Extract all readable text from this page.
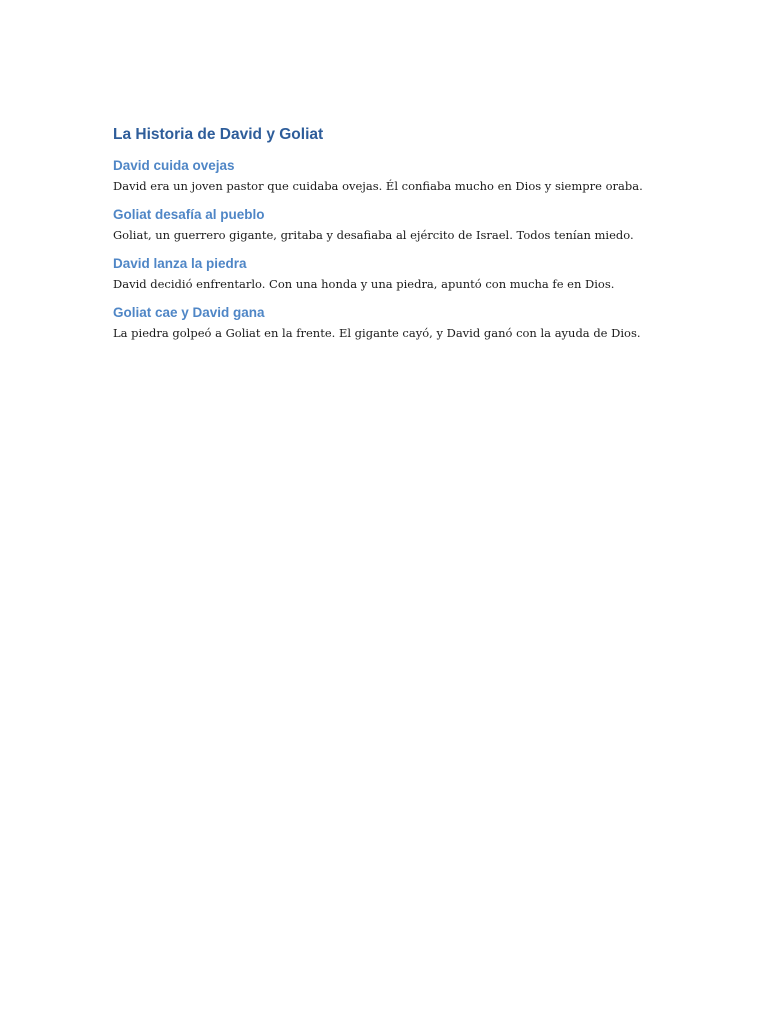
La Historia de David y Goliat
David cuida ovejas

David era un joven pastor que cuidaba ovejas. Él confiaba mucho en Dios y siempre oraba.

Goliat desafía al pueblo

Goliat, un guerrero gigante, gritaba y desafiaba al ejército de Israel. Todos tenían miedo.

David lanza la piedra

David decidió enfrentarlo. Con una honda y una piedra, apuntó con mucha fe en Dios.

Goliat cae y David gana

La piedra golpeó a Goliat en la frente. El gigante cayó, y David ganó con la ayuda de Dios.
